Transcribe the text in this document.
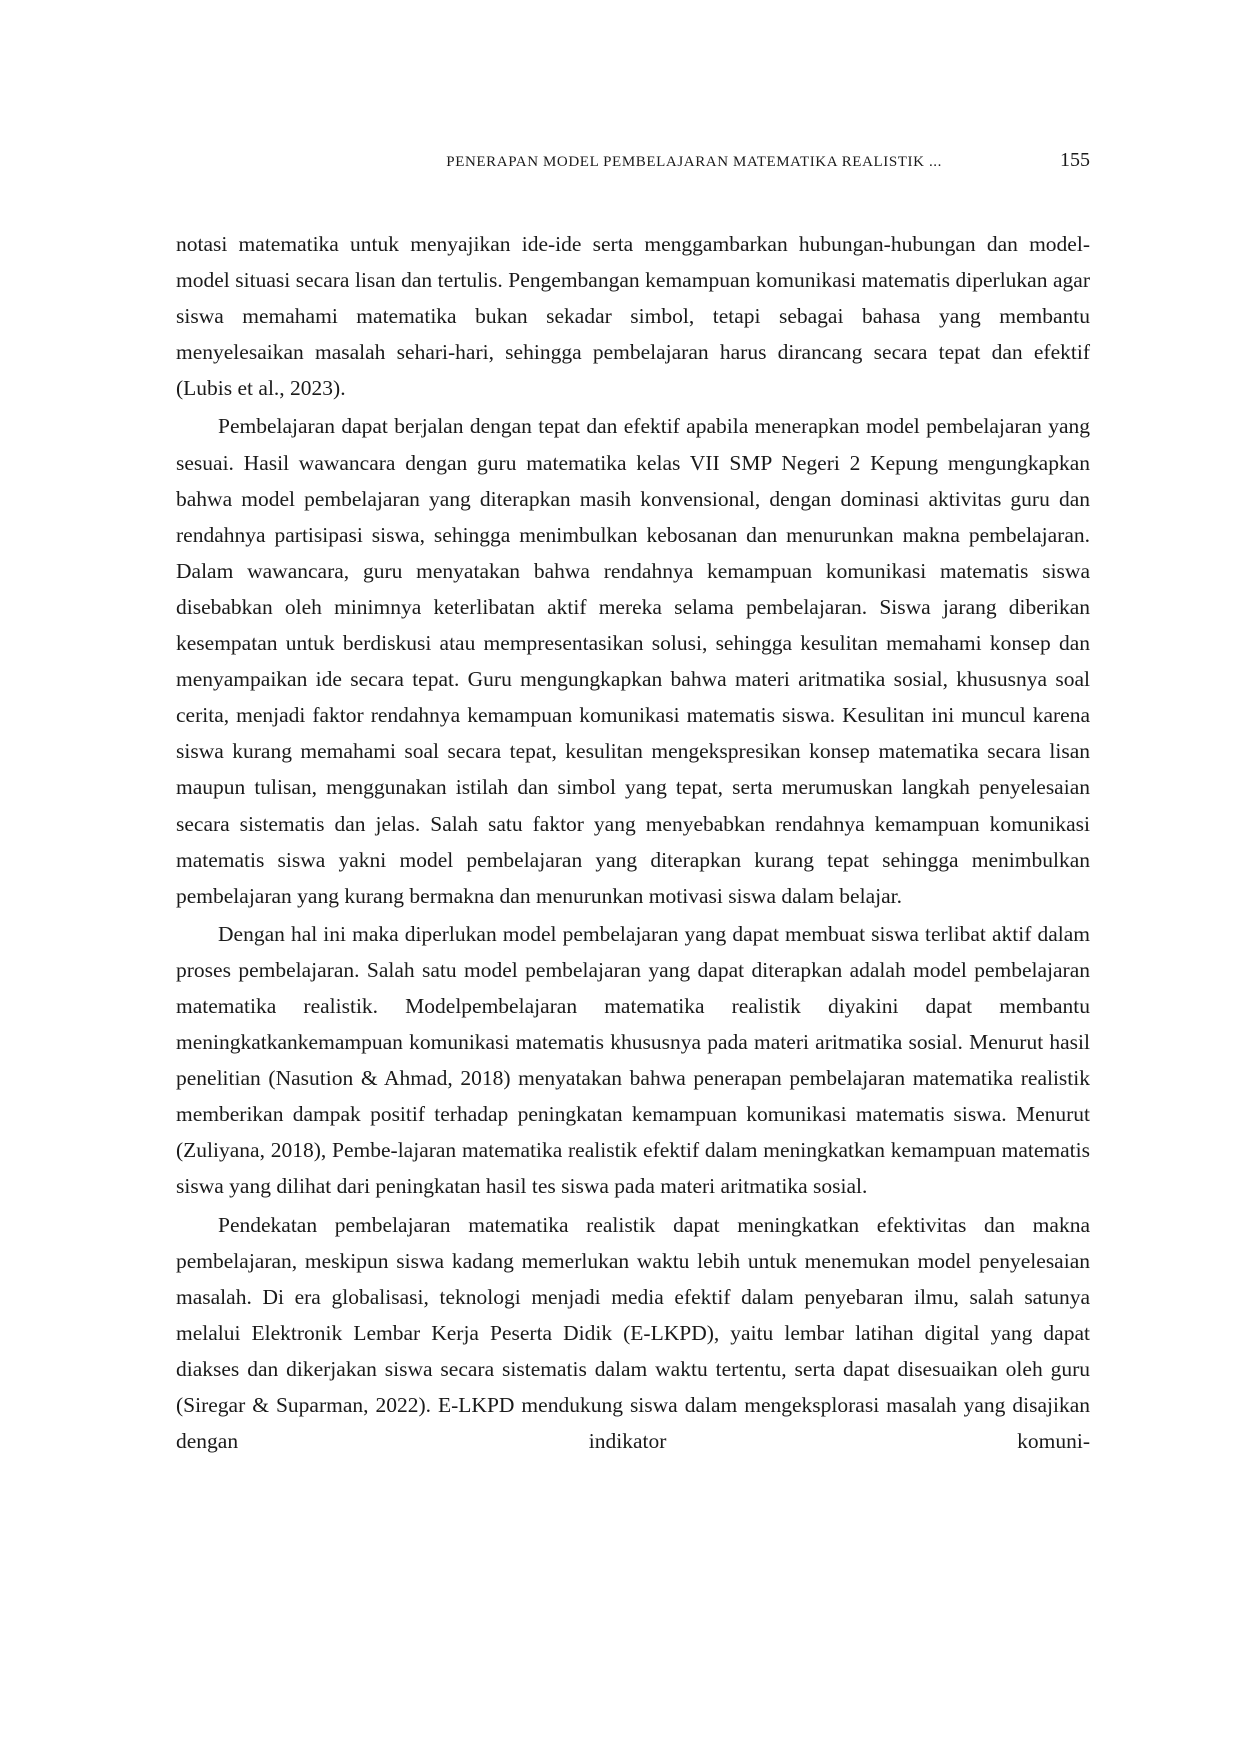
PENERAPAN MODEL PEMBELAJARAN MATEMATIKA REALISTIK ...	155

notasi matematika untuk menyajikan ide-ide serta menggambarkan hubungan-hubungan dan model-model situasi secara lisan dan tertulis. Pengembangan kemampuan komunikasi matematis diperlukan agar siswa memahami matematika bukan sekadar simbol, tetapi sebagai bahasa yang membantu menyelesaikan masalah sehari-hari, sehingga pembelajaran harus dirancang secara tepat dan efektif (Lubis et al., 2023).

Pembelajaran dapat berjalan dengan tepat dan efektif apabila menerapkan model pembelajaran yang sesuai. Hasil wawancara dengan guru matematika kelas VII SMP Negeri 2 Kepung mengungkapkan bahwa model pembelajaran yang diterapkan masih konvensional, dengan dominasi aktivitas guru dan rendahnya partisipasi siswa, sehingga menimbulkan kebosanan dan menurunkan makna pembelajaran. Dalam wawancara, guru menyatakan bahwa rendahnya kemampuan komunikasi matematis siswa disebabkan oleh minimnya keterlibatan aktif mereka selama pembelajaran. Siswa jarang diberikan kesempatan untuk berdiskusi atau mempresentasikan solusi, sehingga kesulitan memahami konsep dan menyampaikan ide secara tepat. Guru mengungkapkan bahwa materi aritmatika sosial, khususnya soal cerita, menjadi faktor rendahnya kemampuan komunikasi matematis siswa. Kesulitan ini muncul karena siswa kurang memahami soal secara tepat, kesulitan mengekspresikan konsep matematika secara lisan maupun tulisan, menggunakan istilah dan simbol yang tepat, serta merumuskan langkah penyelesaian secara sistematis dan jelas. Salah satu faktor yang menyebabkan rendahnya kemampuan komunikasi matematis siswa yakni model pembelajaran yang diterapkan kurang tepat sehingga menimbulkan pembelajaran yang kurang bermakna dan menurunkan motivasi siswa dalam belajar.

Dengan hal ini maka diperlukan model pembelajaran yang dapat membuat siswa terlibat aktif dalam proses pembelajaran. Salah satu model pembelajaran yang dapat diterapkan adalah model pembelajaran matematika realistik. Modelpembelajaran matematika realistik diyakini dapat membantu meningkatkankemampuan komunikasi matematis khususnya pada materi aritmatika sosial. Menurut hasil penelitian (Nasution & Ahmad, 2018) menyatakan bahwa penerapan pembelajaran matematika realistik memberikan dampak positif terhadap peningkatan kemampuan komunikasi matematis siswa. Menurut (Zuliyana, 2018), Pembe-lajaran matematika realistik efektif dalam meningkatkan kemampuan matematis siswa yang dilihat dari peningkatan hasil tes siswa pada materi aritmatika sosial.

Pendekatan pembelajaran matematika realistik dapat meningkatkan efektivitas dan makna pembelajaran, meskipun siswa kadang memerlukan waktu lebih untuk menemukan model penyelesaian masalah. Di era globalisasi, teknologi menjadi media efektif dalam penyebaran ilmu, salah satunya melalui Elektronik Lembar Kerja Peserta Didik (E-LKPD), yaitu lembar latihan digital yang dapat diakses dan dikerjakan siswa secara sistematis dalam waktu tertentu, serta dapat disesuaikan oleh guru (Siregar & Suparman, 2022). E-LKPD mendukung siswa dalam mengeksplorasi masalah yang disajikan dengan indikator komuni-
